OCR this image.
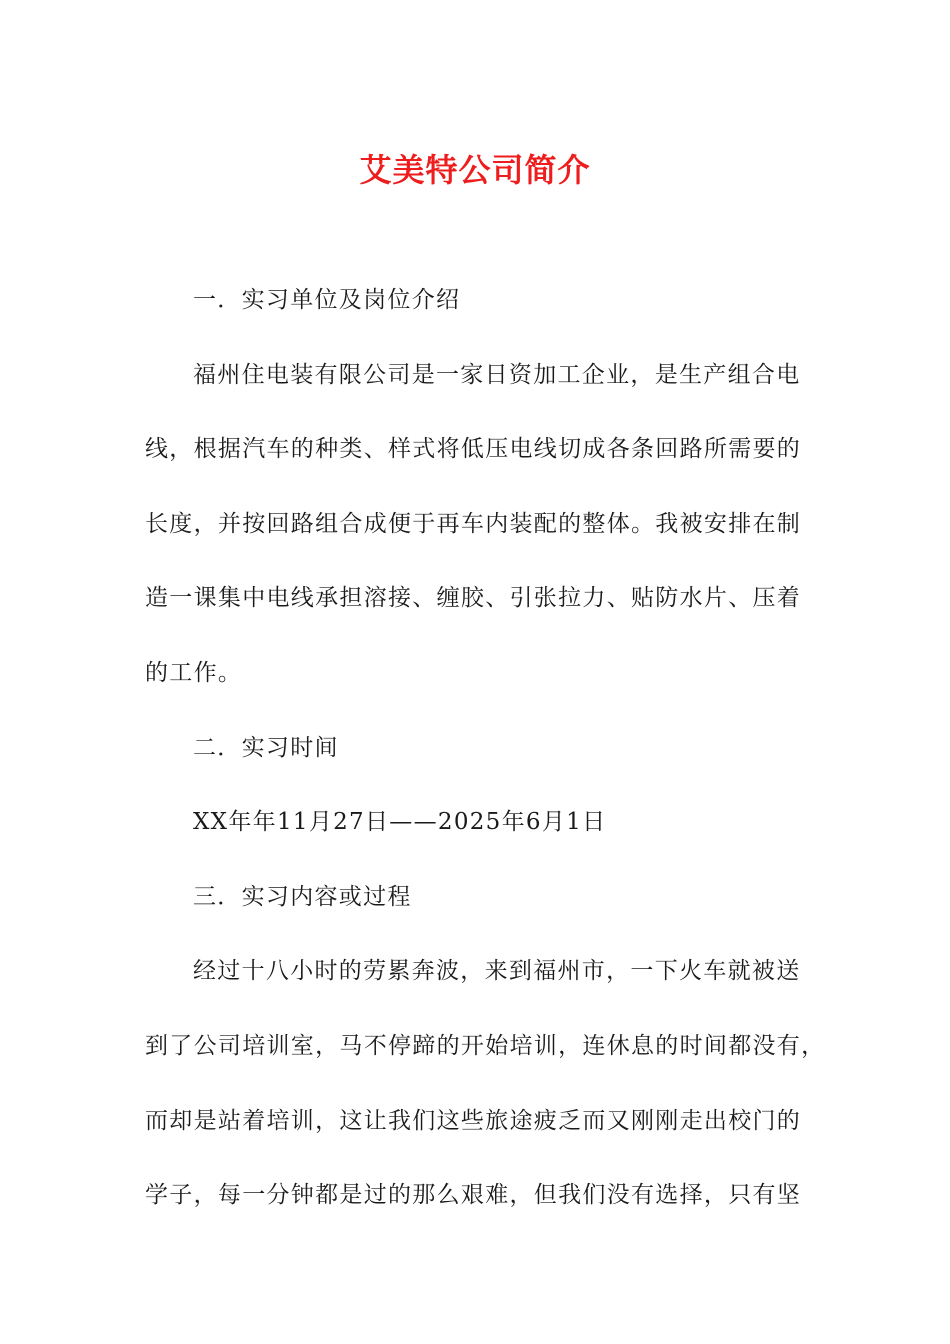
艾美特公司简介
一．实习单位及岗位介绍
福州住电装有限公司是一家日资加工企业，是生产组合电
线，根据汽车的种类、样式将低压电线切成各条回路所需要的
长度，并按回路组合成便于再车内装配的整体。我被安排在制
造一课集中电线承担溶接、缠胶、引张拉力、贴防水片、压着
的工作。
二．实习时间
XX年年11月27日——2025年6月1日
三．实习内容或过程
经过十八小时的劳累奔波，来到福州市，一下火车就被送
到了公司培训室，马不停蹄的开始培训，连休息的时间都没有，
而却是站着培训，这让我们这些旅途疲乏而又刚刚走出校门的
学子，每一分钟都是过的那么艰难，但我们没有选择，只有坚
